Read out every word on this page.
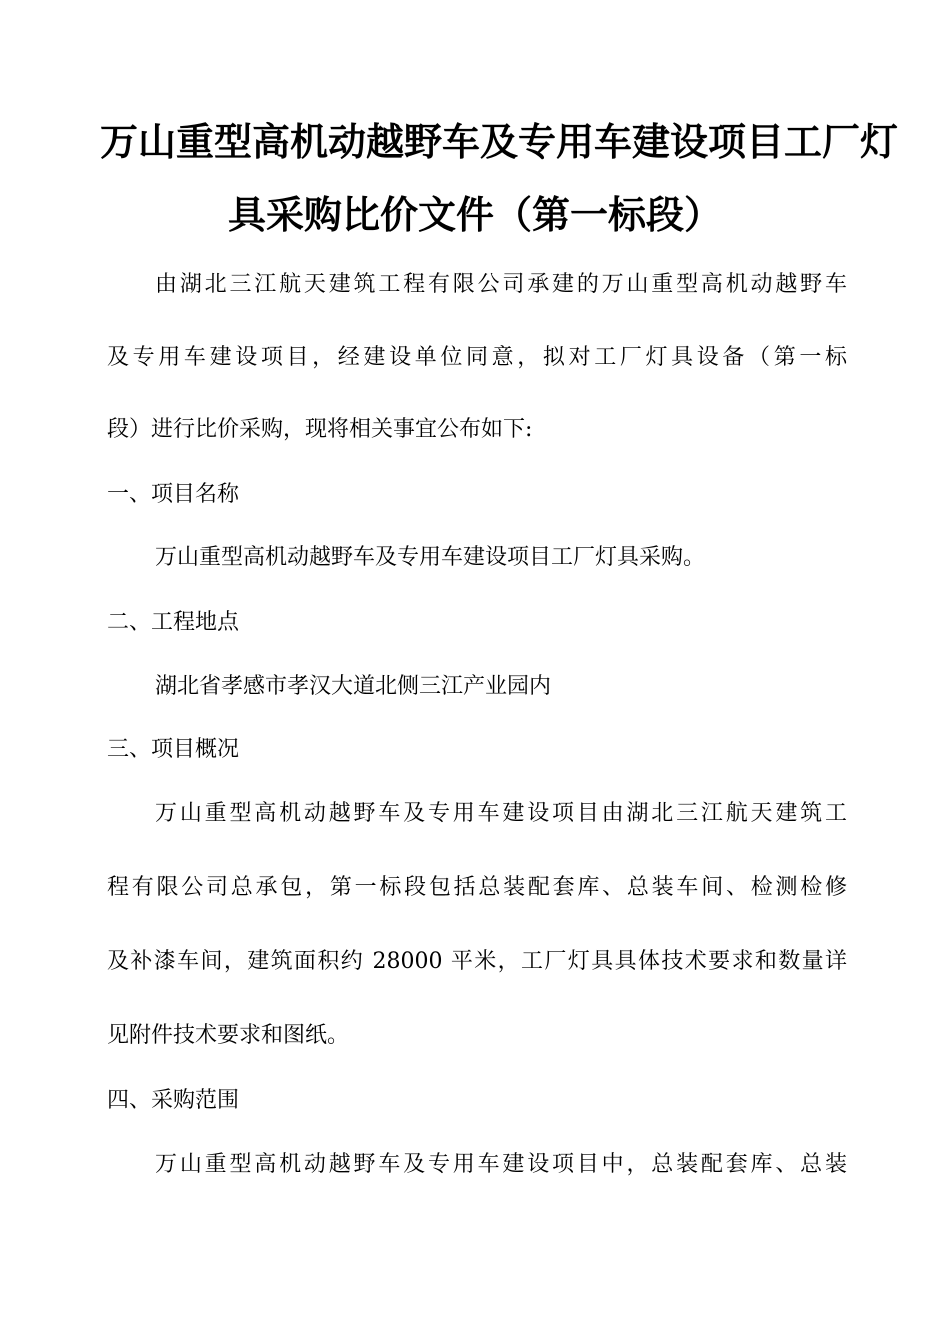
万山重型高机动越野车及专用车建设项目工厂灯
具采购比价文件（第一标段）
由湖北三江航天建筑工程有限公司承建的万山重型高机动越野车
及专用车建设项目，经建设单位同意，拟对工厂灯具设备（第一标
段）进行比价采购，现将相关事宜公布如下:
一、项目名称
万山重型高机动越野车及专用车建设项目工厂灯具采购。
二、工程地点
湖北省孝感市孝汉大道北侧三江产业园内
三、项目概况
万山重型高机动越野车及专用车建设项目由湖北三江航天建筑工
程有限公司总承包，第一标段包括总装配套库、总装车间、检测检修
及补漆车间，建筑面积约 28000 平米，工厂灯具具体技术要求和数量详
见附件技术要求和图纸。
四、采购范围
万山重型高机动越野车及专用车建设项目中，总装配套库、总装
